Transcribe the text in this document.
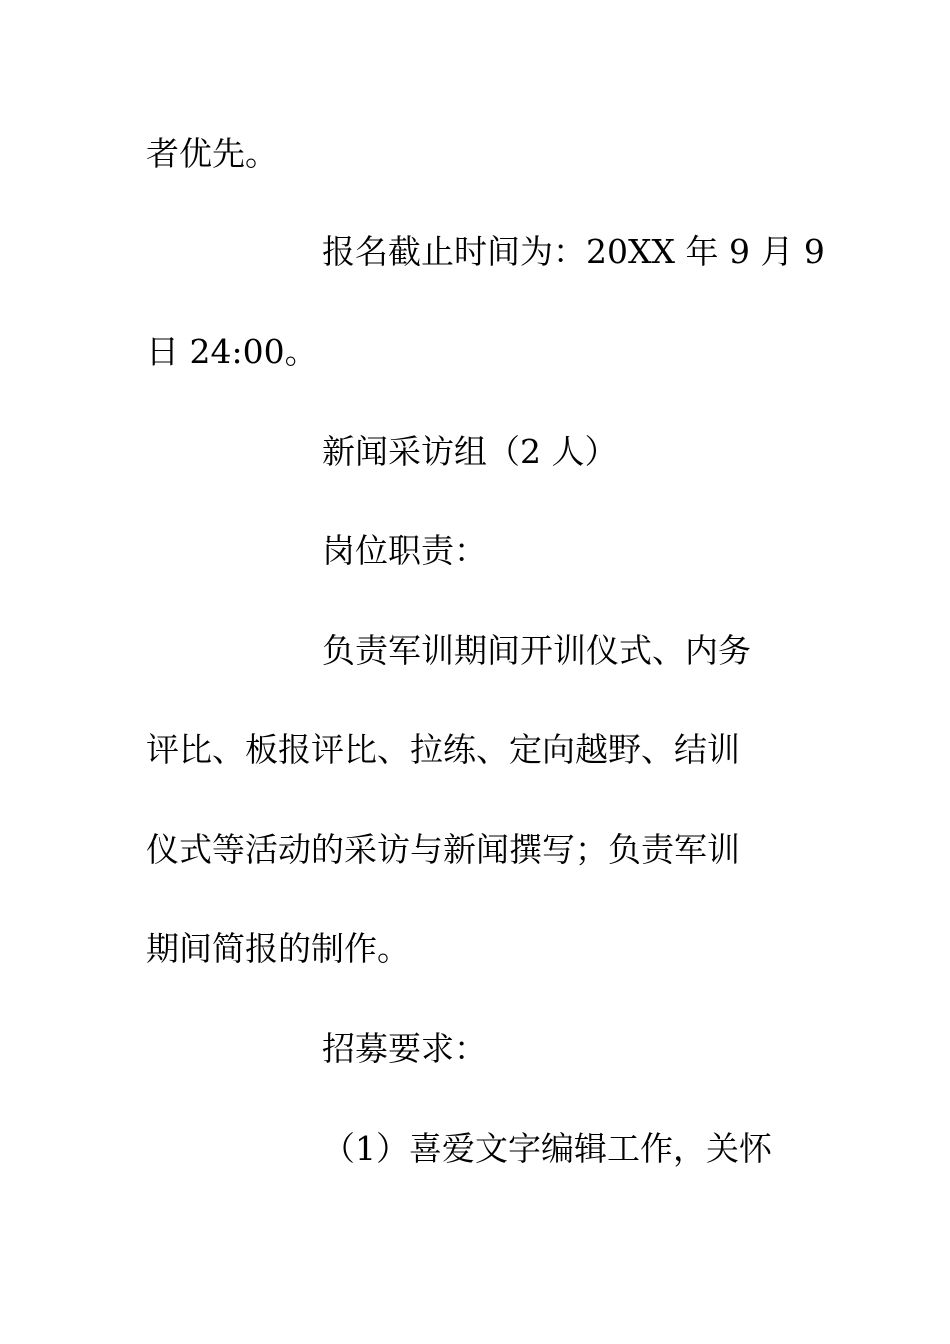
者优先。
报名截止时间为：20XX 年 9 月 9
日 24:00。
新闻采访组（2 人）
岗位职责：
负责军训期间开训仪式、内务
评比、板报评比、拉练、定向越野、结训
仪式等活动的采访与新闻撰写；负责军训
期间简报的制作。
招募要求：
（1）喜爱文字编辑工作，关怀
